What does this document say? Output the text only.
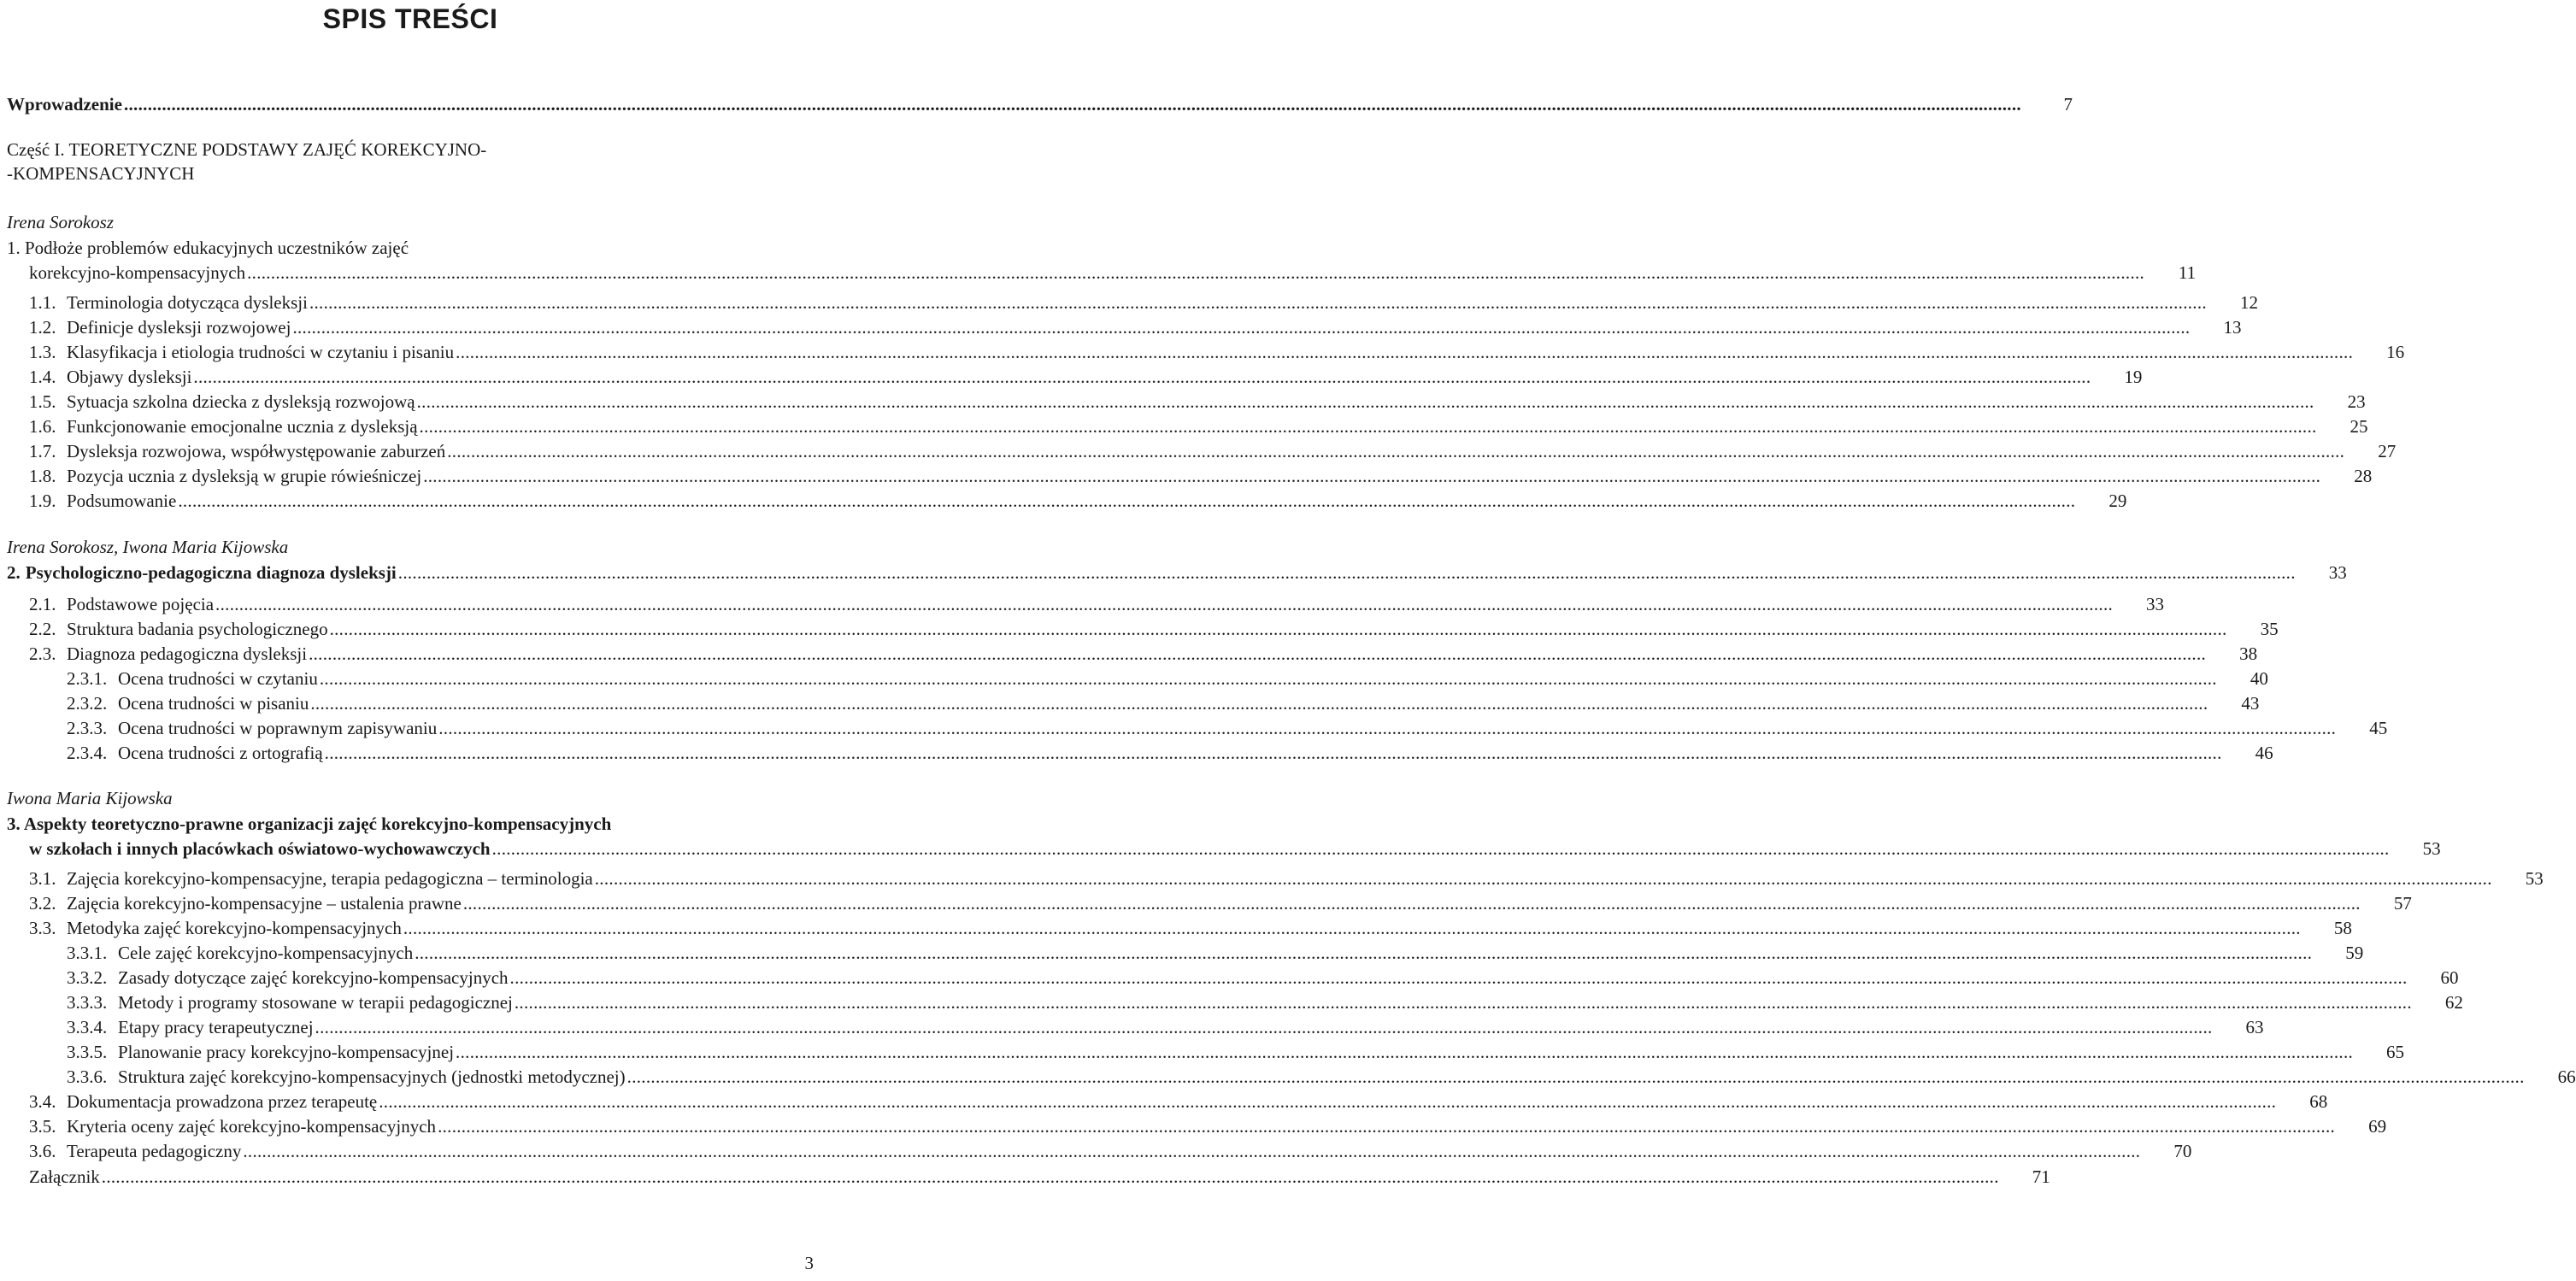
SPIS TREŚCI
Wprowadzenie ................................................................................................................................................................................................................................................................................................................................................................................................................	7
Część I. TEORETYCZNE PODSTAWY ZAJĘĆ KOREKCYJNO-
-KOMPENSACYJNYCH
Irena Sorokosz
1. Podłoże problemów edukacyjnych uczestników zajęć
korekcyjno-kompensacyjnych ................................................................................................................................................................................................................................................................................................................................................................................................................	11
1.1. Terminologia dotycząca dysleksji ................................................................................................................................................................................................................................................................................................................................................................................................................	12
1.2. Definicje dysleksji rozwojowej ................................................................................................................................................................................................................................................................................................................................................................................................................	13
1.3. Klasyfikacja i etiologia trudności w czytaniu i pisaniu ................................................................................................................................................................................................................................................................................................................................................................................................................	16
1.4. Objawy dysleksji ................................................................................................................................................................................................................................................................................................................................................................................................................	19
1.5. Sytuacja szkolna dziecka z dysleksją rozwojową ................................................................................................................................................................................................................................................................................................................................................................................................................	23
1.6. Funkcjonowanie emocjonalne ucznia z dysleksją ................................................................................................................................................................................................................................................................................................................................................................................................................	25
1.7. Dysleksja rozwojowa, współwystępowanie zaburzeń ................................................................................................................................................................................................................................................................................................................................................................................................................	27
1.8. Pozycja ucznia z dysleksją w grupie rówieśniczej ................................................................................................................................................................................................................................................................................................................................................................................................................	28
1.9. Podsumowanie ................................................................................................................................................................................................................................................................................................................................................................................................................	29
Irena Sorokosz, Iwona Maria Kijowska
2. Psychologiczno-pedagogiczna diagnoza dysleksji ................................................................................................................................................................................................................................................................................................................................................................................................................	33
2.1. Podstawowe pojęcia ................................................................................................................................................................................................................................................................................................................................................................................................................	33
2.2. Struktura badania psychologicznego ................................................................................................................................................................................................................................................................................................................................................................................................................	35
2.3. Diagnoza pedagogiczna dysleksji ................................................................................................................................................................................................................................................................................................................................................................................................................	38
2.3.1. Ocena trudności w czytaniu ................................................................................................................................................................................................................................................................................................................................................................................................................	40
2.3.2. Ocena trudności w pisaniu ................................................................................................................................................................................................................................................................................................................................................................................................................	43
2.3.3. Ocena trudności w poprawnym zapisywaniu ................................................................................................................................................................................................................................................................................................................................................................................................................	45
2.3.4. Ocena trudności z ortografią ................................................................................................................................................................................................................................................................................................................................................................................................................	46
Iwona Maria Kijowska
3. Aspekty teoretyczno-prawne organizacji zajęć korekcyjno-kompensacyjnych
w szkołach i innych placówkach oświatowo-wychowawczych ................................................................................................................................................................................................................................................................................................................................................................................................................	53
3.1. Zajęcia korekcyjno-kompensacyjne, terapia pedagogiczna – terminologia ................................................................................................................................................................................................................................................................................................................................................................................................................	53
3.2. Zajęcia korekcyjno-kompensacyjne – ustalenia prawne ................................................................................................................................................................................................................................................................................................................................................................................................................	57
3.3. Metodyka zajęć korekcyjno-kompensacyjnych ................................................................................................................................................................................................................................................................................................................................................................................................................	58
3.3.1. Cele zajęć korekcyjno-kompensacyjnych ................................................................................................................................................................................................................................................................................................................................................................................................................	59
3.3.2. Zasady dotyczące zajęć korekcyjno-kompensacyjnych ................................................................................................................................................................................................................................................................................................................................................................................................................	60
3.3.3. Metody i programy stosowane w terapii pedagogicznej ................................................................................................................................................................................................................................................................................................................................................................................................................	62
3.3.4. Etapy pracy terapeutycznej ................................................................................................................................................................................................................................................................................................................................................................................................................	63
3.3.5. Planowanie pracy korekcyjno-kompensacyjnej ................................................................................................................................................................................................................................................................................................................................................................................................................	65
3.3.6. Struktura zajęć korekcyjno-kompensacyjnych (jednostki metodycznej) ................................................................................................................................................................................................................................................................................................................................................................................................................	66
3.4. Dokumentacja prowadzona przez terapeutę ................................................................................................................................................................................................................................................................................................................................................................................................................	68
3.5. Kryteria oceny zajęć korekcyjno-kompensacyjnych ................................................................................................................................................................................................................................................................................................................................................................................................................	69
3.6. Terapeuta pedagogiczny ................................................................................................................................................................................................................................................................................................................................................................................................................	70
Załącznik ................................................................................................................................................................................................................................................................................................................................................................................................................	71
3
